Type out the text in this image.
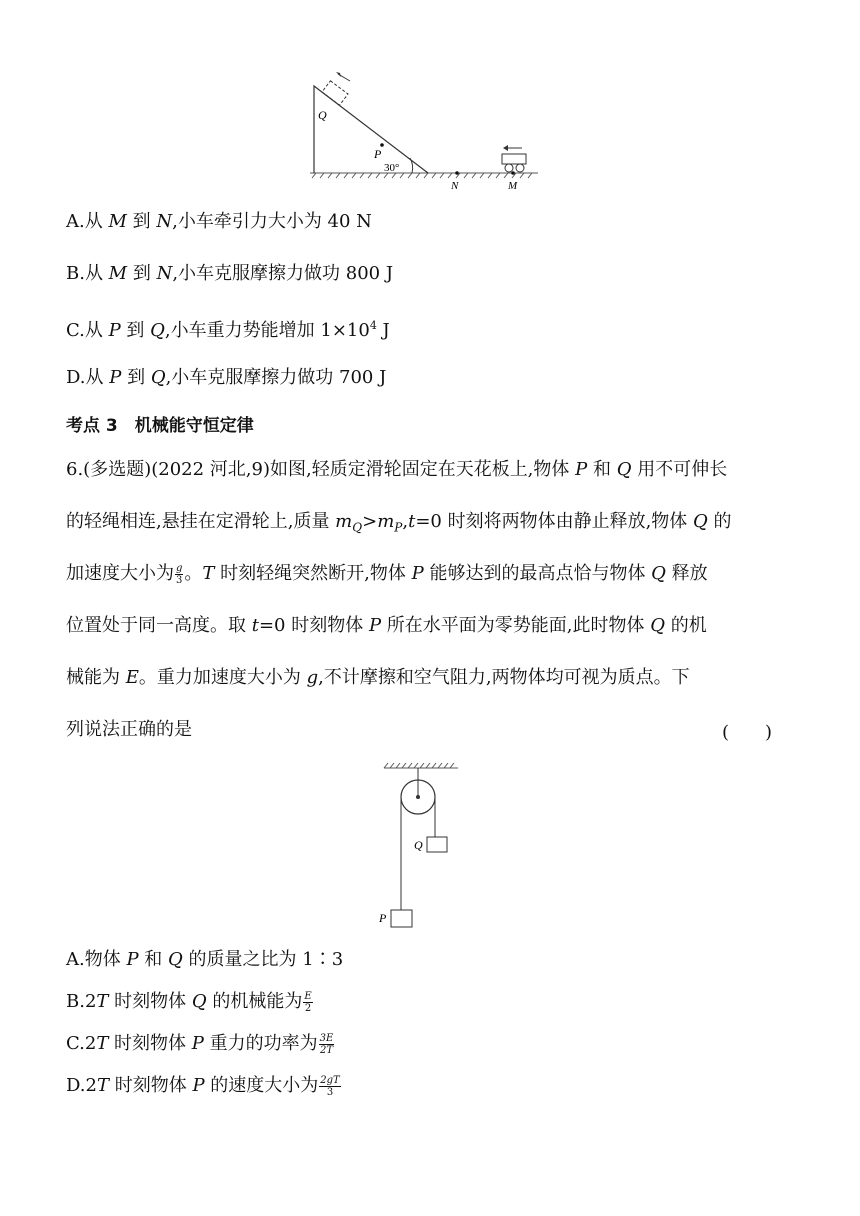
Q
P
30°
N	M
A.从 M 到 N,小车牵引力大小为 40 N
B.从 M 到 N,小车克服摩擦力做功 800 J
C.从 P 到 Q,小车重力势能增加 $1\times 10^4$ J
D.从 P 到 Q,小车克服摩擦力做功 700 J
考点 3　机械能守恒定律
6.(多选题)(2022 河北,9)如图,轻质定滑轮固定在天花板上,物体 P 和 Q 用不可伸长
的轻绳相连,悬挂在定滑轮上,质量 $m_Q>m_P,t=0$ 时刻将两物体由静止释放,物体 Q 的
加速度大小为 $\frac{g}{3}$ 。T 时刻轻绳突然断开,物体 P 能够达到的最高点恰与物体 Q 释放
位置处于同一高度。取 t=0 时刻物体 P 所在水平面为零势能面,此时物体 Q 的机
械能为 E。重力加速度大小为 g,不计摩擦和空气阻力,两物体均可视为质点。下
列说法正确的是	(　　)
Q
P
A.物体 P 和 Q 的质量之比为 1∶3
B.2T 时刻物体 Q 的机械能为 $\frac{E}{2}$
C.2T 时刻物体 P 重力的功率为 $\frac{3E}{2T}$
D.2T 时刻物体 P 的速度大小为 $\frac{2gT}{3}$
